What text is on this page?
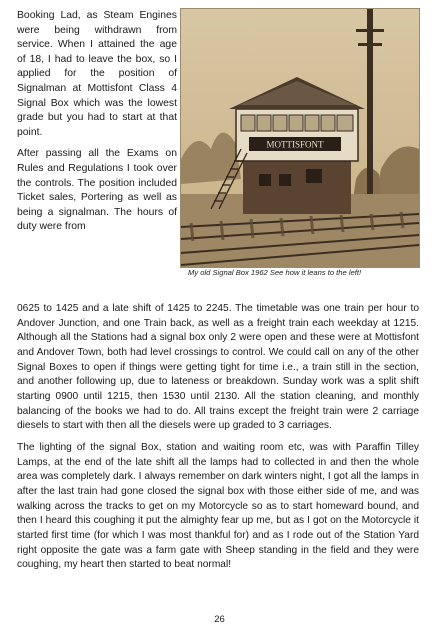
Booking Lad, as Steam Engines were being withdrawn from service. When I attained the age of 18, I had to leave the box, so I applied for the position of Signalman at Mottisfont Class 4 Signal Box which was the lowest grade but you had to start at that point.

After passing all the Exams on Rules and Regulations I took over the controls. The position included Ticket sales, Portering as well as being a signalman. The hours of duty were from

MOTTISFONT
My old Signal Box 1962 See how it leans to the left!

0625 to 1425 and a late shift of 1425 to 2245. The timetable was one train per hour to Andover Junction, and one Train back, as well as a freight train each weekday at 1215. Although all the Stations had a signal box only 2 were open and these were at Mottisfont and Andover Town, both had level crossings to control. We could call on any of the other Signal Boxes to open if things were getting tight for time i.e., a train still in the section, and another following up, due to lateness or breakdown. Sunday work was a split shift starting 0900 until 1215, then 1530 until 2130. All the station cleaning, and monthly balancing of the books we had to do. All trains except the freight train were 2 carriage diesels to start with then all the diesels were up graded to 3 carriages.

The lighting of the signal Box, station and waiting room etc, was with Paraffin Tilley Lamps, at the end of the late shift all the lamps had to collected in and then the whole area was completely dark. I always remember on dark winters night, I got all the lamps in after the last train had gone closed the signal box with those either side of me, and was walking across the tracks to get on my Motorcycle so as to start homeward bound, and then I heard this coughing it put the almighty fear up me, but as I got on the Motorcycle it started first time (for which I was most thankful for) and as I rode out of the Station Yard right opposite the gate was a farm gate with Sheep standing in the field and they were coughing, my heart then started to beat normal!

26
